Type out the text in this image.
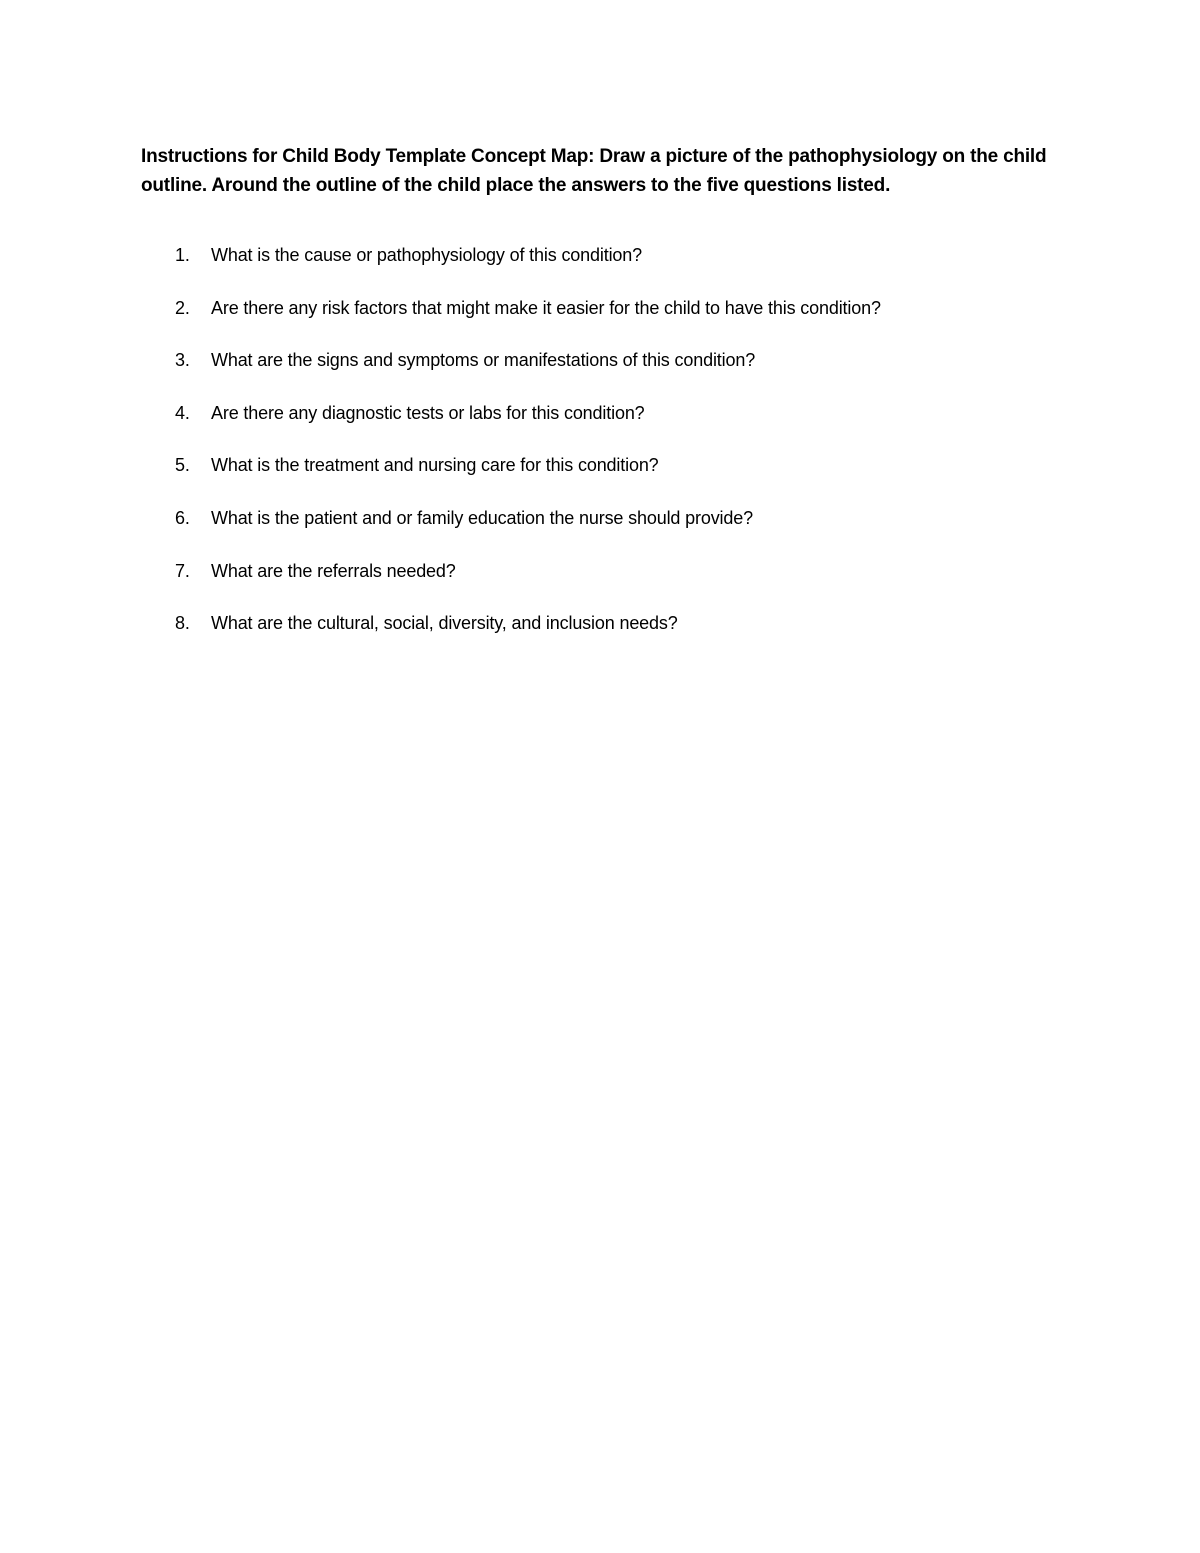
Instructions for Child Body Template Concept Map: Draw a picture of the pathophysiology on the child outline. Around the outline of the child place the answers to the five questions listed.

1.	What is the cause or pathophysiology of this condition?
2.	Are there any risk factors that might make it easier for the child to have this condition?
3.	What are the signs and symptoms or manifestations of this condition?
4.	Are there any diagnostic tests or labs for this condition?
5.	What is the treatment and nursing care for this condition?
6.	What is the patient and or family education the nurse should provide?
7.	What are the referrals needed?
8.	What are the cultural, social, diversity, and inclusion needs?
